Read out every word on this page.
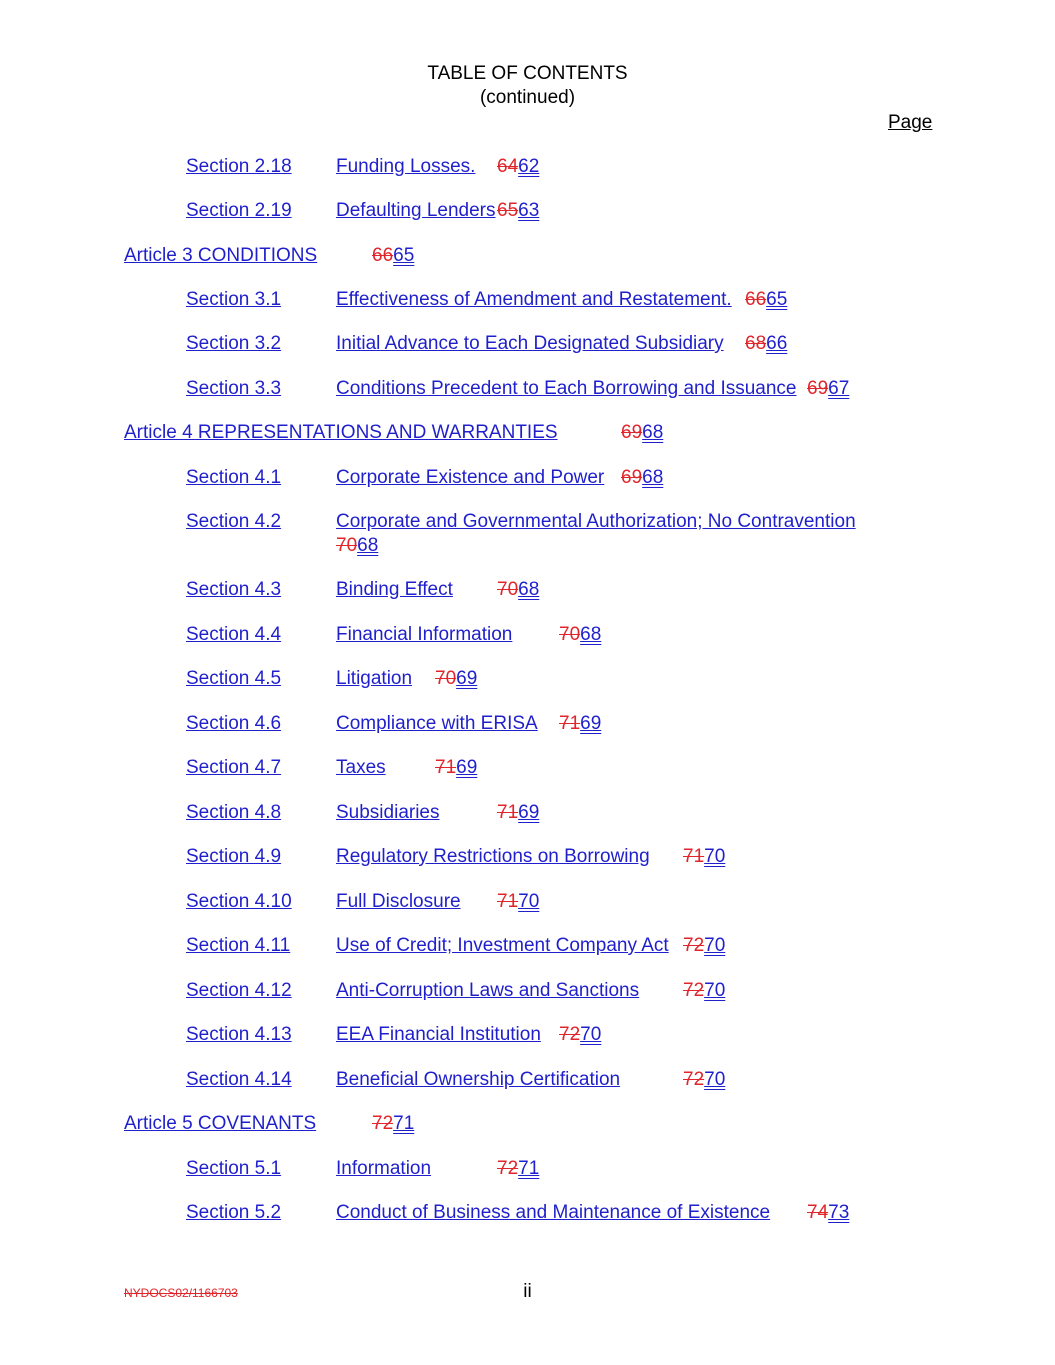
TABLE OF CONTENTS
(continued)
Page
Section 2.18 Funding Losses. 6462
Section 2.19 Defaulting Lenders 6563
Article 3 CONDITIONS	6665
Section 3.1	Effectiveness of Amendment and Restatement. 6665
Section 3.2	Initial Advance to Each Designated Subsidiary 6866
Section 3.3	Conditions Precedent to Each Borrowing and Issuance 6967
Article 4 REPRESENTATIONS AND WARRANTIES	6968
Section 4.1	Corporate Existence and Power 6968
Section 4.2	Corporate and Governmental Authorization; No Contravention
7068
Section 4.3	Binding Effect 7068
Section 4.4	Financial Information 7068
Section 4.5	Litigation 7069
Section 4.6	Compliance with ERISA 7169
Section 4.7	Taxes	7169
Section 4.8	Subsidiaries	7169
Section 4.9	Regulatory Restrictions on Borrowing 7170
Section 4.10 Full Disclosure 7170
Section 4.11 Use of Credit; Investment Company Act 7270
Section 4.12 Anti-Corruption Laws and Sanctions 7270
Section 4.13 EEA Financial Institution 7270
Section 4.14 Beneficial Ownership Certification	7270
Article 5 COVENANTS	7271
Section 5.1	Information	7271
Section 5.2	Conduct of Business and Maintenance of Existence 7473
NYDOCS02/1166703	ii
